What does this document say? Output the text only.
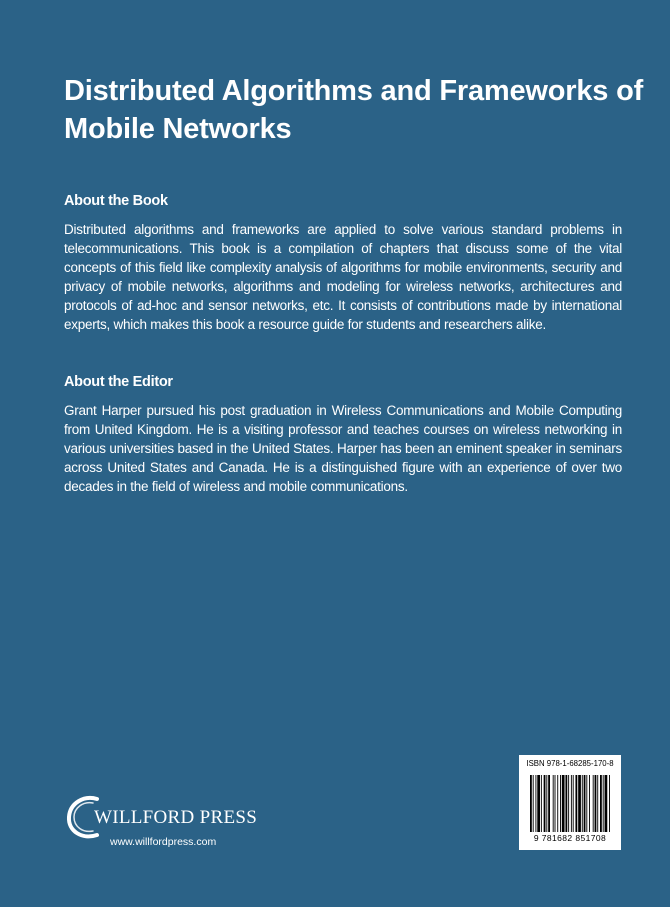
Distributed Algorithms and Frameworks of Mobile Networks
About the Book

Distributed algorithms and frameworks are applied to solve various standard problems in telecommunications. This book is a compilation of chapters that discuss some of the vital concepts of this field like complexity analysis of algorithms for mobile environments, security and privacy of mobile networks, algorithms and modeling for wireless networks, architectures and protocols of ad-hoc and sensor networks, etc. It consists of contributions made by international experts, which makes this book a resource guide for students and researchers alike.

About the Editor

Grant Harper pursued his post graduation in Wireless Communications and Mobile Computing from United Kingdom. He is a visiting professor and teaches courses on wireless networking in various universities based in the United States. Harper has been an eminent speaker in seminars across United States and Canada. He is a distinguished figure with an experience of over two decades in the field of wireless and mobile communications.

WILLFORD PRESS
www.willfordpress.com
ISBN 978-1-68285-170-8
9 781682 851708
